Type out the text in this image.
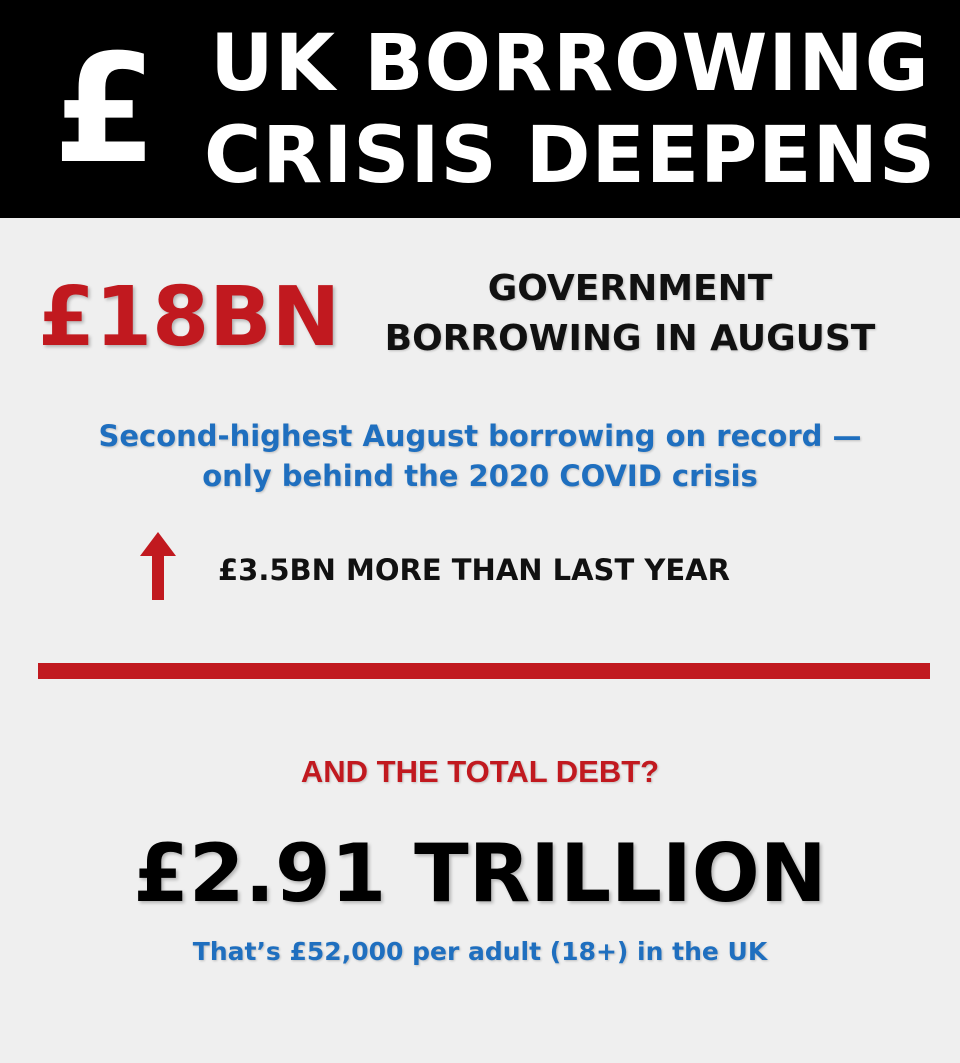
£ UK BORROWING
CRISIS DEEPENS
£18BN	GOVERNMENT
BORROWING IN AUGUST
Second-highest August borrowing on record —
only behind the 2020 COVID crisis
£3.5BN MORE THAN LAST YEAR
AND THE TOTAL DEBT?
£2.91 TRILLION
That’s £52,000 per adult (18+) in the UK
